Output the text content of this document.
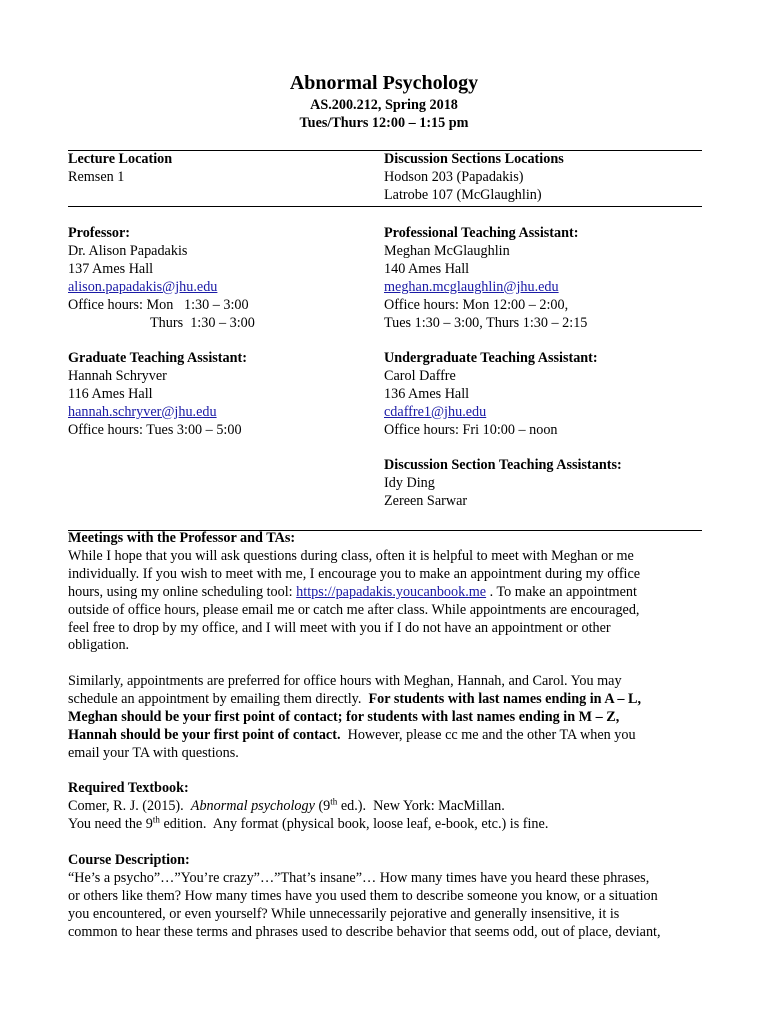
Abnormal Psychology
AS.200.212, Spring 2018
Tues/Thurs 12:00 – 1:15 pm
Lecture Location
Remsen 1
Discussion Sections Locations
Hodson 203 (Papadakis)
Latrobe 107 (McGlaughlin)
Professor:
Dr. Alison Papadakis
137 Ames Hall
alison.papadakis@jhu.edu
Office hours: Mon   1:30 – 3:00
Thurs  1:30 – 3:00
Professional Teaching Assistant:
Meghan McGlaughlin
140 Ames Hall
meghan.mcglaughlin@jhu.edu
Office hours: Mon 12:00 – 2:00,
Tues 1:30 – 3:00, Thurs 1:30 – 2:15
Graduate Teaching Assistant:
Hannah Schryver
116 Ames Hall
hannah.schryver@jhu.edu
Office hours: Tues 3:00 – 5:00
Undergraduate Teaching Assistant:
Carol Daffre
136 Ames Hall
cdaffre1@jhu.edu
Office hours: Fri 10:00 – noon
Discussion Section Teaching Assistants:
Idy Ding
Zereen Sarwar

Meetings with the Professor and TAs:

While I hope that you will ask questions during class, often it is helpful to meet with Meghan or me

individually. If you wish to meet with me, I encourage you to make an appointment during my office

hours, using my online scheduling tool: https://papadakis.youcanbook.me . To make an appointment

outside of office hours, please email me or catch me after class. While appointments are encouraged,

feel free to drop by my office, and I will meet with you if I do not have an appointment or other

obligation.

Similarly, appointments are preferred for office hours with Meghan, Hannah, and Carol. You may

schedule an appointment by emailing them directly.  For students with last names ending in A – L,

Meghan should be your first point of contact; for students with last names ending in M – Z,

Hannah should be your first point of contact.  However, please cc me and the other TA when you

email your TA with questions.

Required Textbook:

Comer, R. J. (2015).  Abnormal psychology (9th ed.).  New York: MacMillan.

You need the 9th edition.  Any format (physical book, loose leaf, e-book, etc.) is fine.

Course Description:

“He’s a psycho”…”You’re crazy”…”That’s insane”… How many times have you heard these phrases,

or others like them? How many times have you used them to describe someone you know, or a situation

you encountered, or even yourself? While unnecessarily pejorative and generally insensitive, it is

common to hear these terms and phrases used to describe behavior that seems odd, out of place, deviant,
